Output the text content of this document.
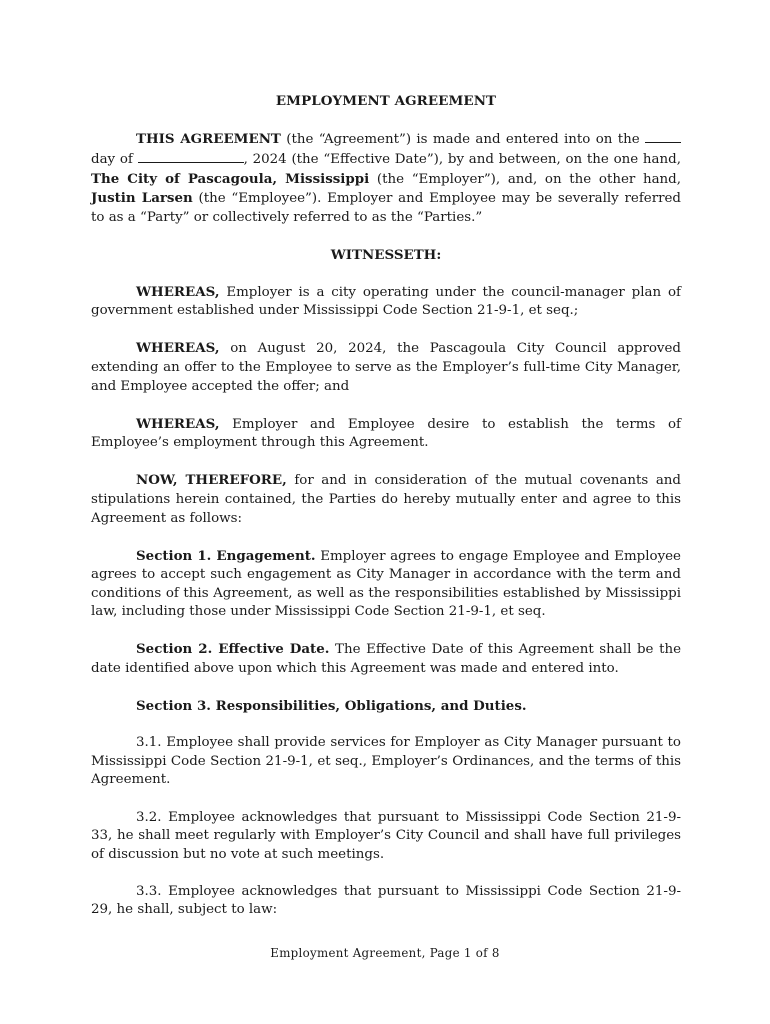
EMPLOYMENT AGREEMENT

THIS AGREEMENT (the “Agreement”) is made and entered into on the  day of	, 2024 (the “Effective Date”), by and between, on the one hand, The City of Pascagoula, Mississippi (the “Employer”), and, on the other hand, Justin Larsen (the “Employee”). Employer and Employee may be severally referred to as a “Party” or collectively referred to as the “Parties.”

WITNESSETH:

WHEREAS, Employer is a city operating under the council-manager plan of government established under Mississippi Code Section 21-9-1, et seq.;

WHEREAS, on August 20, 2024, the Pascagoula City Council approved extending an offer to the Employee to serve as the Employer’s full-time City Manager, and Employee accepted the offer; and

WHEREAS, Employer and Employee desire to establish the terms of Employee’s employment through this Agreement.

NOW, THEREFORE, for and in consideration of the mutual covenants and stipulations herein contained, the Parties do hereby mutually enter and agree to this Agreement as follows:

Section 1. Engagement. Employer agrees to engage Employee and Employee agrees to accept such engagement as City Manager in accordance with the term and conditions of this Agreement, as well as the responsibilities established by Mississippi law, including those under Mississippi Code Section 21-9-1, et seq.

Section 2. Effective Date. The Effective Date of this Agreement shall be the date identified above upon which this Agreement was made and entered into.

Section 3. Responsibilities, Obligations, and Duties.

3.1. Employee shall provide services for Employer as City Manager pursuant to Mississippi Code Section 21-9-1, et seq., Employer’s Ordinances, and the terms of this Agreement.

3.2. Employee acknowledges that pursuant to Mississippi Code Section 21-9-33, he shall meet regularly with Employer’s City Council and shall have full privileges of discussion but no vote at such meetings.

3.3. Employee acknowledges that pursuant to Mississippi Code Section 21-9-29, he shall, subject to law:

Employment Agreement, Page 1 of 8
